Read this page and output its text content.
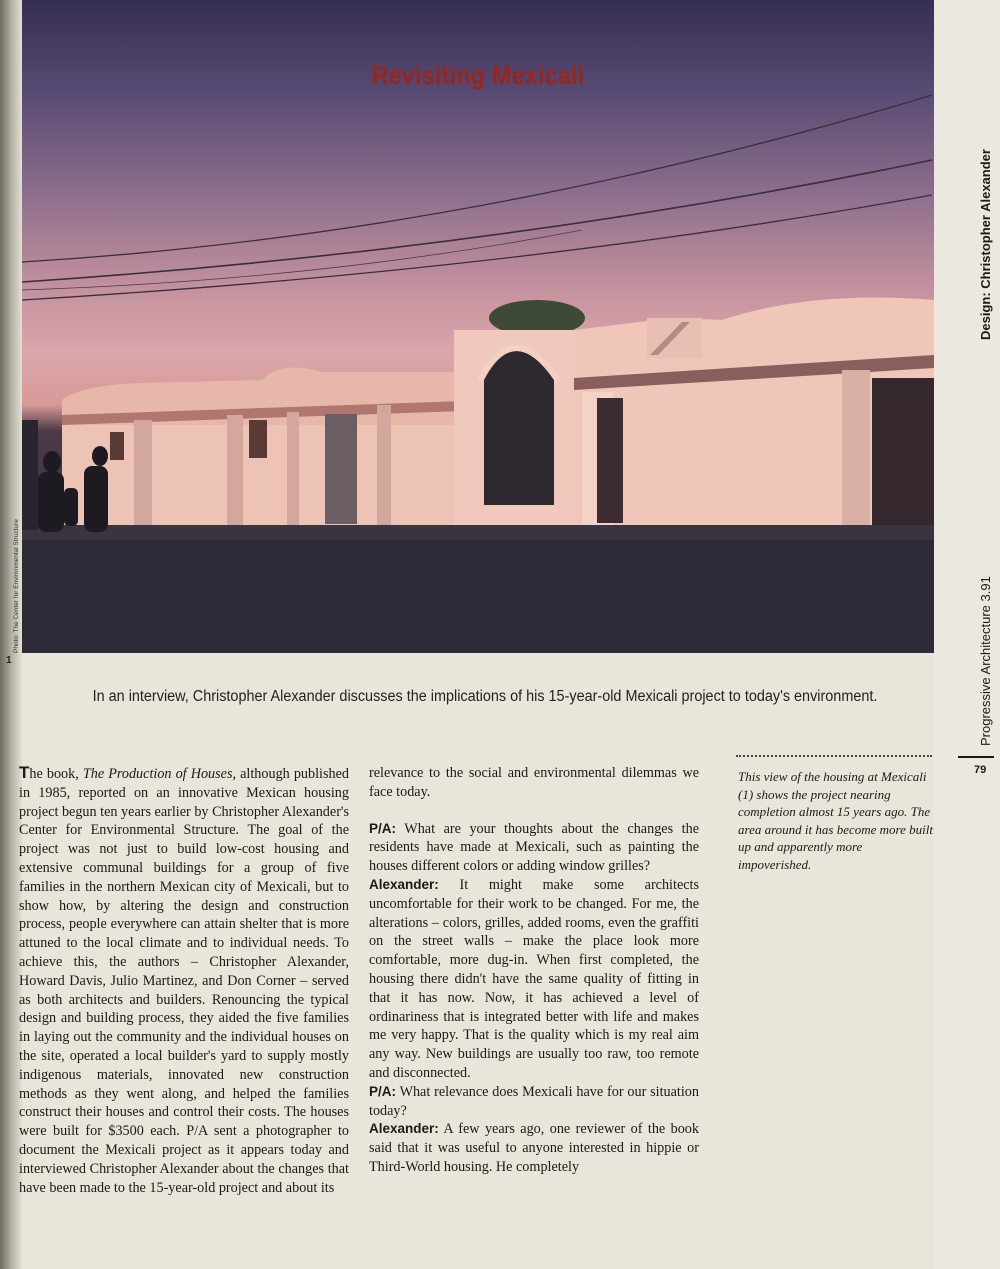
Revisiting Mexicali
Photo: The Center for Environmental Structure
1
Design: Christopher Alexander
Progressive Architecture 3.91
79
In an interview, Christopher Alexander discusses the implications of his 15-year-old Mexicali project to today's environment.

The book, The Production of Houses, although published in 1985, reported on an innovative Mexican housing project begun ten years earlier by Christopher Alexander's Center for Environmental Structure. The goal of the project was not just to build low-cost housing and extensive communal buildings for a group of five families in the northern Mexican city of Mexicali, but to show how, by altering the design and construction process, people everywhere can attain shelter that is more attuned to the local climate and to individual needs. To achieve this, the authors – Christopher Alexander, Howard Davis, Julio Martinez, and Don Corner – served as both architects and builders. Renouncing the typical design and building process, they aided the five families in laying out the community and the individual houses on the site, operated a local builder's yard to supply mostly indigenous materials, innovated new construction methods as they went along, and helped the families construct their houses and control their costs. The houses were built for $3500 each. P/A sent a photographer to document the Mexicali project as it appears today and interviewed Christopher Alexander about the changes that have been made to the 15-year-old project and about its

relevance to the social and environmental dilemmas we face today.

P/A: What are your thoughts about the changes the residents have made at Mexicali, such as painting the houses different colors or adding window grilles?

Alexander: It might make some architects uncomfortable for their work to be changed. For me, the alterations – colors, grilles, added rooms, even the graffiti on the street walls – make the place look more comfortable, more dug-in. When first completed, the housing there didn't have the same quality of fitting in that it has now. Now, it has achieved a level of ordinariness that is integrated better with life and makes me very happy. That is the quality which is my real aim any way. New buildings are usually too raw, too remote and disconnected.

P/A: What relevance does Mexicali have for our situation today?

Alexander: A few years ago, one reviewer of the book said that it was useful to anyone interested in hippie or Third-World housing. He completely

This view of the housing at Mexicali (1) shows the project nearing completion almost 15 years ago. The area around it has become more built up and apparently more impoverished.
